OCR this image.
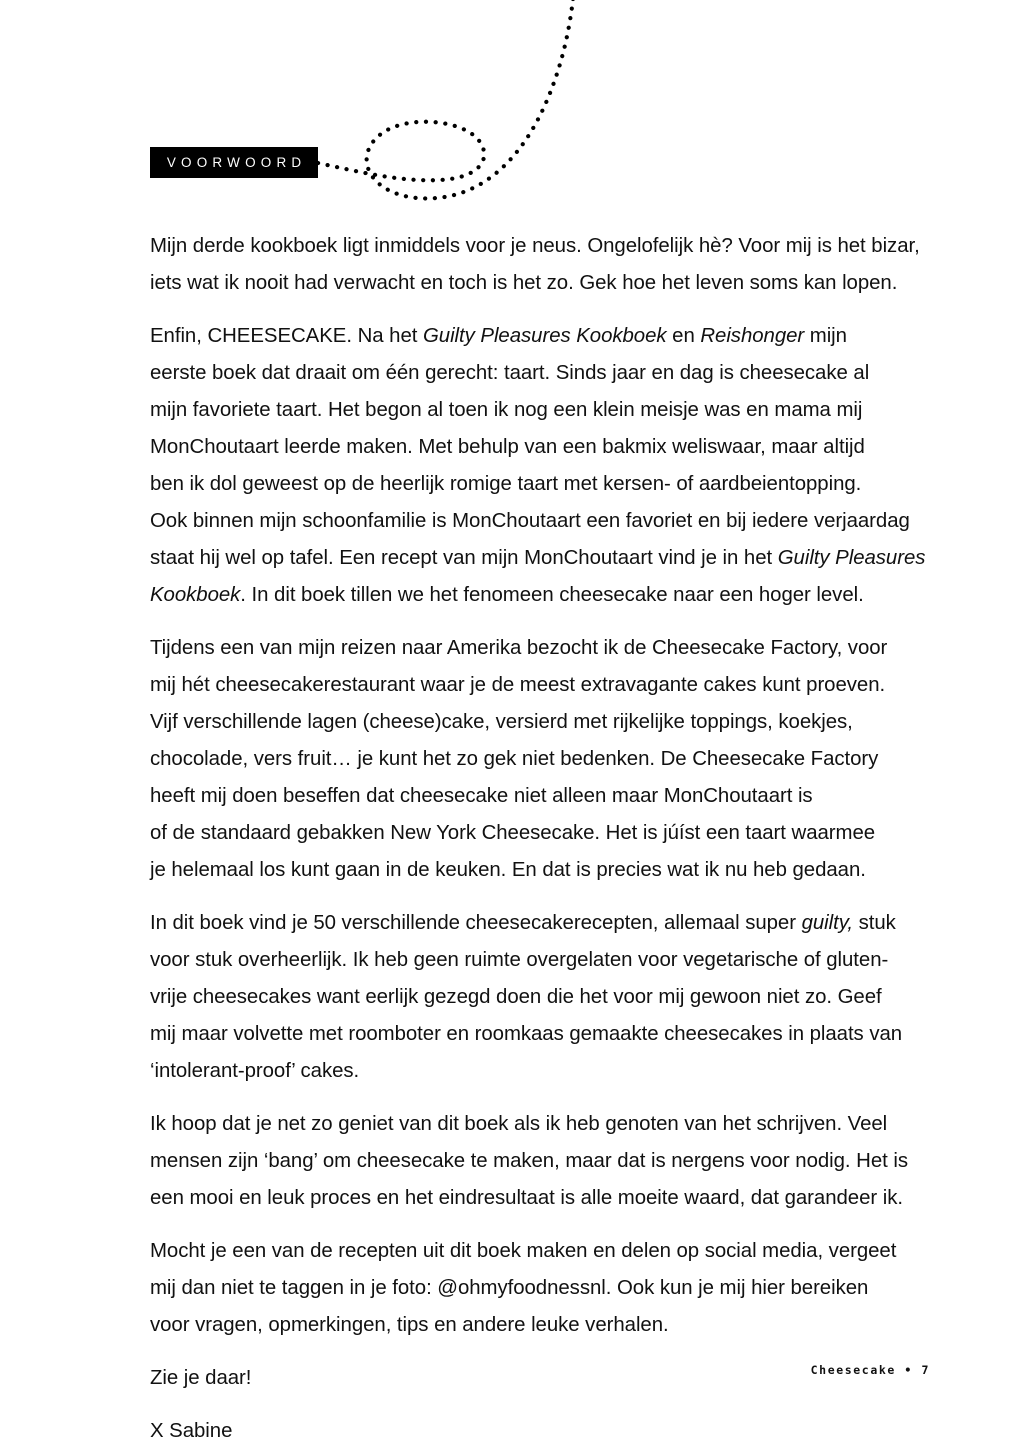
VOORWOORD

Mijn derde kookboek ligt inmiddels voor je neus. Ongelofelijk hè? Voor mij is het bizar,
iets wat ik nooit had verwacht en toch is het zo. Gek hoe het leven soms kan lopen.

Enfin, CHEESECAKE. Na het Guilty Pleasures Kookboek en Reishonger mijn
eerste boek dat draait om één gerecht: taart. Sinds jaar en dag is cheesecake al
mijn favoriete taart. Het begon al toen ik nog een klein meisje was en mama mij
MonChoutaart leerde maken. Met behulp van een bakmix weliswaar, maar altijd
ben ik dol geweest op de heerlijk romige taart met kersen- of aardbeientopping.
Ook binnen mijn schoonfamilie is MonChoutaart een favoriet en bij iedere verjaardag
staat hij wel op tafel. Een recept van mijn MonChoutaart vind je in het Guilty Pleasures
Kookboek. In dit boek tillen we het fenomeen cheesecake naar een hoger level.

Tijdens een van mijn reizen naar Amerika bezocht ik de Cheesecake Factory, voor
mij hét cheesecakerestaurant waar je de meest extravagante cakes kunt proeven.
Vijf verschillende lagen (cheese)cake, versierd met rijkelijke toppings, koekjes,
chocolade, vers fruit… je kunt het zo gek niet bedenken. De Cheesecake Factory
heeft mij doen beseffen dat cheesecake niet alleen maar MonChoutaart is
of de standaard gebakken New York Cheesecake. Het is júíst een taart waarmee
je helemaal los kunt gaan in de keuken. En dat is precies wat ik nu heb gedaan.

In dit boek vind je 50 verschillende cheesecakerecepten, allemaal super guilty, stuk
voor stuk overheerlijk. Ik heb geen ruimte overgelaten voor vegetarische of gluten-
vrije cheesecakes want eerlijk gezegd doen die het voor mij gewoon niet zo. Geef
mij maar volvette met roomboter en roomkaas gemaakte cheesecakes in plaats van
‘intolerant-proof’ cakes.

Ik hoop dat je net zo geniet van dit boek als ik heb genoten van het schrijven. Veel
mensen zijn ‘bang’ om cheesecake te maken, maar dat is nergens voor nodig. Het is
een mooi en leuk proces en het eindresultaat is alle moeite waard, dat garandeer ik.

Mocht je een van de recepten uit dit boek maken en delen op social media, vergeet
mij dan niet te taggen in je foto: @ohmyfoodnessnl. Ook kun je mij hier bereiken
voor vragen, opmerkingen, tips en andere leuke verhalen.

Zie je daar!

X Sabine

Cheesecake • 7
